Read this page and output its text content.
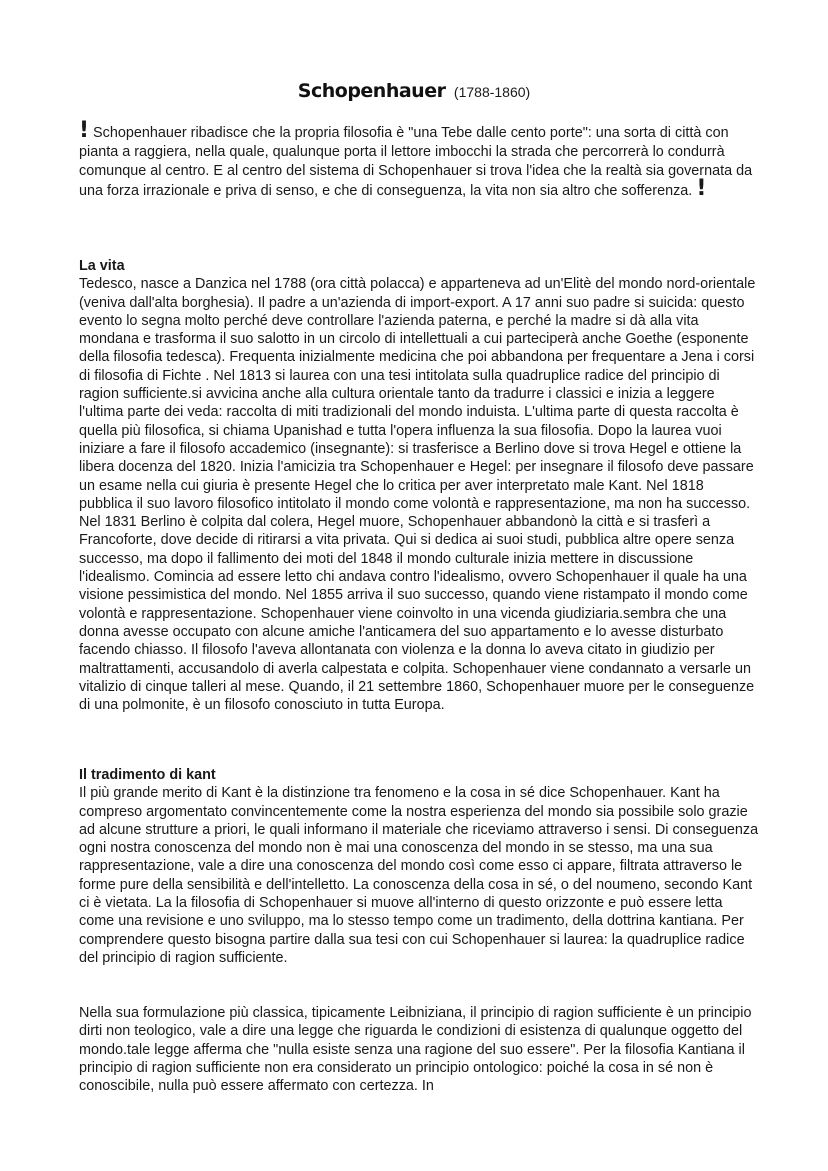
Schopenhauer (1788-1860)
! Schopenhauer ribadisce che la propria filosofia è "una Tebe dalle cento porte": una sorta di città con pianta a raggiera, nella quale, qualunque porta il lettore imbocchi la strada che percorrerà lo condurrà comunque al centro. E al centro del sistema di Schopenhauer si trova l'idea che la realtà sia governata da una forza irrazionale e priva di senso, e che di conseguenza, la vita non sia altro che sofferenza. !
La vita

Tedesco, nasce a Danzica nel 1788 (ora città polacca) e apparteneva ad un'Elitè del mondo nord-orientale (veniva dall'alta borghesia). Il padre a un'azienda di import-export. A 17 anni suo padre si suicida: questo evento lo segna molto perché deve controllare l'azienda paterna, e perché la madre si dà alla vita mondana e trasforma il suo salotto in un circolo di intellettuali a cui parteciperà anche Goethe (esponente della filosofia tedesca). Frequenta inizialmente medicina che poi abbandona per frequentare a Jena i corsi di filosofia di Fichte . Nel 1813 si laurea con una tesi intitolata sulla quadruplice radice del principio di ragion sufficiente.si avvicina anche alla cultura orientale tanto da tradurre i classici e inizia a leggere l'ultima parte dei veda: raccolta di miti tradizionali del mondo induista. L'ultima parte di questa raccolta è quella più filosofica, si chiama Upanishad e tutta l'opera influenza la sua filosofia. Dopo la laurea vuoi iniziare a fare il filosofo accademico (insegnante): si trasferisce a Berlino dove si trova Hegel e ottiene la libera docenza del 1820. Inizia l'amicizia tra Schopenhauer e Hegel: per insegnare il filosofo deve passare un esame nella cui giuria è presente Hegel che lo critica per aver interpretato male Kant. Nel 1818 pubblica il suo lavoro filosofico intitolato il mondo come volontà e rappresentazione, ma non ha successo. Nel 1831 Berlino è colpita dal colera, Hegel muore, Schopenhauer abbandonò la città e si trasferì a Francoforte, dove decide di ritirarsi a vita privata. Qui si dedica ai suoi studi, pubblica altre opere senza successo, ma dopo il fallimento dei moti del 1848 il mondo culturale inizia mettere in discussione l'idealismo. Comincia ad essere letto chi andava contro l'idealismo, ovvero Schopenhauer il quale ha una visione pessimistica del mondo. Nel 1855 arriva il suo successo, quando viene ristampato il mondo come volontà e rappresentazione. Schopenhauer viene coinvolto in una vicenda giudiziaria.sembra che una donna avesse occupato con alcune amiche l'anticamera del suo appartamento e lo avesse disturbato facendo chiasso. Il filosofo l'aveva allontanata con violenza e la donna lo aveva citato in giudizio per maltrattamenti, accusandolo di averla calpestata e colpita. Schopenhauer viene condannato a versarle un vitalizio di cinque talleri al mese. Quando, il 21 settembre 1860, Schopenhauer muore per le conseguenze di una polmonite, è un filosofo conosciuto in tutta Europa.

Il tradimento di kant

Il più grande merito di Kant è la distinzione tra fenomeno e la cosa in sé dice Schopenhauer. Kant ha compreso argomentato convincentemente come la nostra esperienza del mondo sia possibile solo grazie ad alcune strutture a priori, le quali informano il materiale che riceviamo attraverso i sensi. Di conseguenza ogni nostra conoscenza del mondo non è mai una conoscenza del mondo in se stesso, ma una sua rappresentazione, vale a dire una conoscenza del mondo così come esso ci appare, filtrata attraverso le forme pure della sensibilità e dell'intelletto. La conoscenza della cosa in sé, o del noumeno, secondo Kant ci è vietata. La la filosofia di Schopenhauer si muove all'interno di questo orizzonte e può essere letta come una revisione e uno sviluppo, ma lo stesso tempo come un tradimento, della dottrina kantiana. Per comprendere questo bisogna partire dalla sua tesi con cui Schopenhauer si laurea: la quadruplice radice del principio di ragion sufficiente.

Nella sua formulazione più classica, tipicamente Leibniziana, il principio di ragion sufficiente è un principio dirti non teologico, vale a dire una legge che riguarda le condizioni di esistenza di qualunque oggetto del mondo.tale legge afferma che "nulla esiste senza una ragione del suo essere". Per la filosofia Kantiana il principio di ragion sufficiente non era considerato un principio ontologico: poiché la cosa in sé non è conoscibile, nulla può essere affermato con certezza. In
